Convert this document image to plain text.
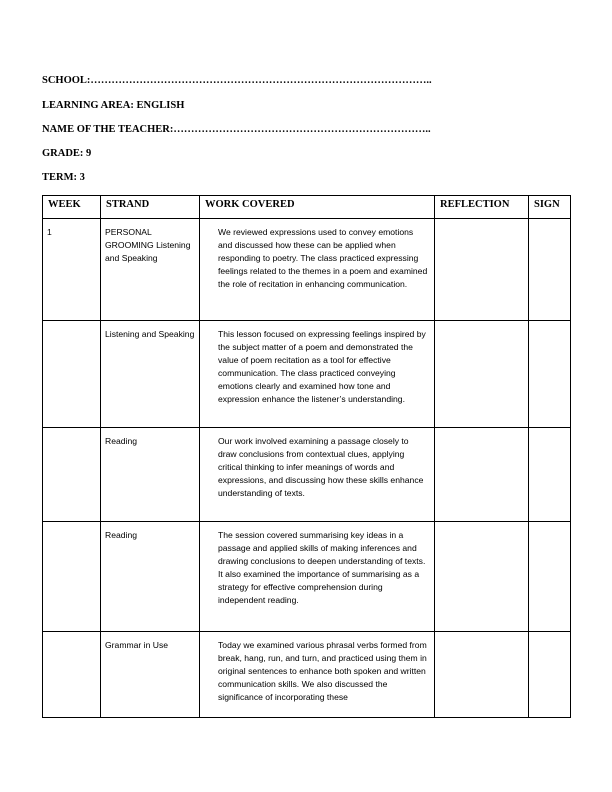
SCHOOL:……………………………………………………………………………………..
LEARNING AREA: ENGLISH
NAME OF THE TEACHER:………………………………………………………………..
GRADE: 9
TERM: 3
WEEK	STRAND	WORK COVERED	REFLECTION	SIGN
1	PERSONAL GROOMING Listening and Speaking	We reviewed expressions used to convey emotions and discussed how these can be applied when responding to poetry. The class practiced expressing feelings related to the themes in a poem and examined the role of recitation in enhancing communication.		
	Listening and Speaking	This lesson focused on expressing feelings inspired by the subject matter of a poem and demonstrated the value of poem recitation as a tool for effective communication. The class practiced conveying emotions clearly and examined how tone and expression enhance the listener’s understanding.		
	Reading	Our work involved examining a passage closely to draw conclusions from contextual clues, applying critical thinking to infer meanings of words and expressions, and discussing how these skills enhance understanding of texts.		
	Reading	The session covered summarising key ideas in a passage and applied skills of making inferences and drawing conclusions to deepen understanding of texts. It also examined the importance of summarising as a strategy for effective comprehension during independent reading.		
	Grammar in Use	Today we examined various phrasal verbs formed from break, hang, run, and turn, and practiced using them in original sentences to enhance both spoken and written communication skills. We also discussed the significance of incorporating these		
